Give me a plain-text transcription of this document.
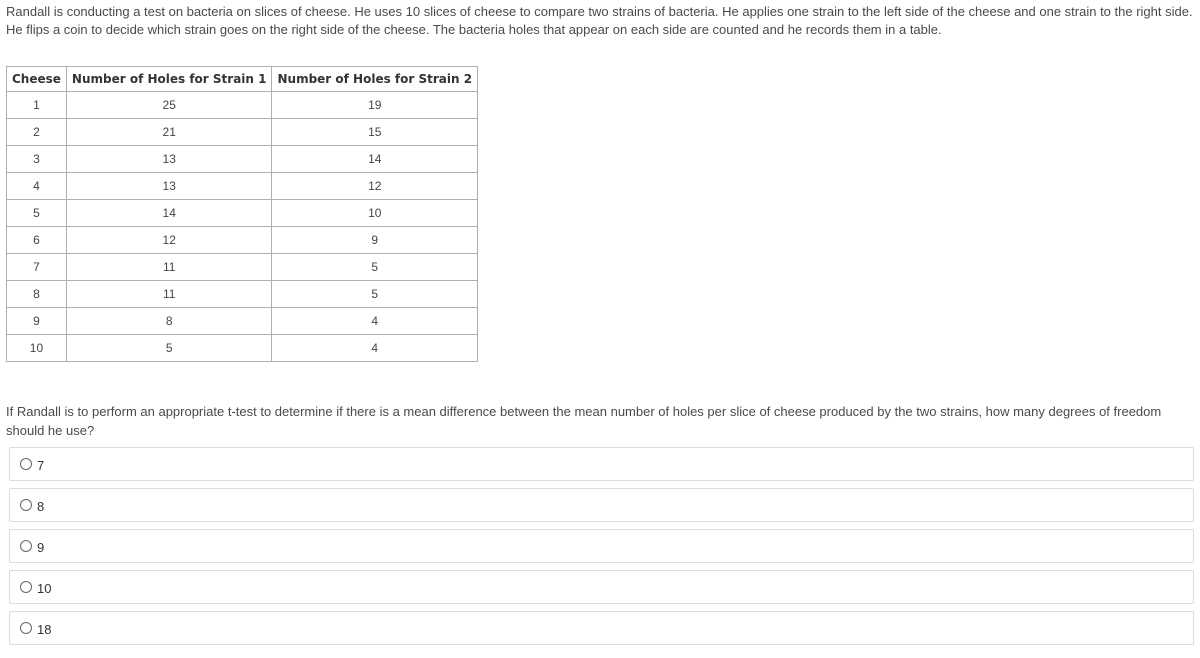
Randall is conducting a test on bacteria on slices of cheese. He uses 10 slices of cheese to compare two strains of bacteria. He applies one strain to the left side of the cheese and one strain to the right side. He flips a coin to decide which strain goes on the right side of the cheese. The bacteria holes that appear on each side are counted and he records them in a table.

Cheese	Number of Holes for Strain 1	Number of Holes for Strain 2
1	25	19
2	21	15
3	13	14
4	13	12
5	14	10
6	12	9
7	11	5
8	11	5
9	8	4
10	5	4

If Randall is to perform an appropriate t-test to determine if there is a mean difference between the mean number of holes per slice of cheese produced by the two strains, how many degrees of freedom should he use?

7
8
9
10
18
